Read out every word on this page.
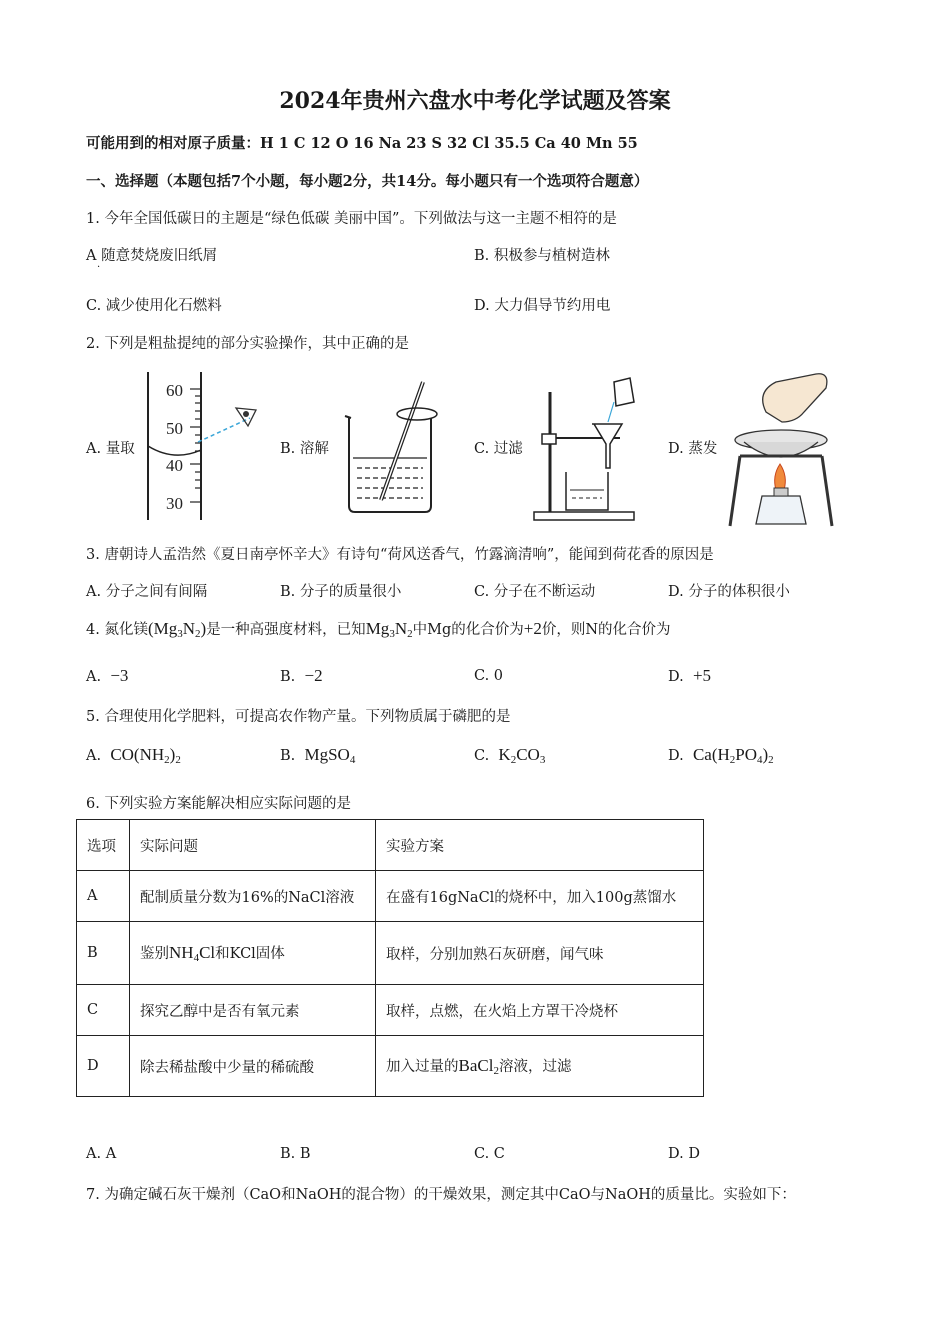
2024年贵州六盘水中考化学试题及答案
可能用到的相对原子质量：H 1 C 12 O 16 Na 23 S 32 Cl 35.5 Ca 40 Mn 55
一、选择题（本题包括7个小题，每小题2分，共14分。每小题只有一个选项符合题意）
1. 今年全国低碳日的主题是“绿色低碳 美丽中国”。下列做法与这一主题不相符的是
A 随意焚烧废旧纸屑
·
B. 积极参与植树造林
C. 减少使用化石燃料	D. 大力倡导节约用电
2. 下列是粗盐提纯的部分实验操作，其中正确的是
A. 量取	B. 溶解	C. 过滤	D. 蒸发
60
50
40
30
3. 唐朝诗人孟浩然《夏日南亭怀辛大》有诗句“荷风送香气，竹露滴清响”，能闻到荷花香的原因是
A. 分子之间有间隔	B. 分子的质量很小	C. 分子在不断运动	D. 分子的体积很小
4. 氮化镁$(Mg_3N_2)$是一种高强度材料，已知$Mg_3N_2$中Mg的化合价为+2价，则N的化合价为
A. −3	B. −2	C. 0	D. +5
5. 合理使用化学肥料，可提高农作物产量。下列物质属于磷肥的是
A. $CO(NH_2)_2$	B. MgSO$_4$	C. $K_2CO_3$	D. $Ca(H_2PO_4)_2$
6. 下列实验方案能解决相应实际问题的是
选项	实际问题	实验方案
A	配制质量分数为16%的NaCl溶液	在盛有16gNaCl的烧杯中，加入100g蒸馏水
B	鉴别$NH_4Cl$和KCl固体	取样，分别加熟石灰研磨，闻气味
C	探究乙醇中是否有氧元素	取样，点燃，在火焰上方罩干冷烧杯
D	除去稀盐酸中少量的稀硫酸	加入过量的BaCl$_2$溶液，过滤
A. A	B. B	C. C	D. D
7. 为确定碱石灰干燥剂（CaO和NaOH的混合物）的干燥效果，测定其中CaO与NaOH的质量比。实验如下：
